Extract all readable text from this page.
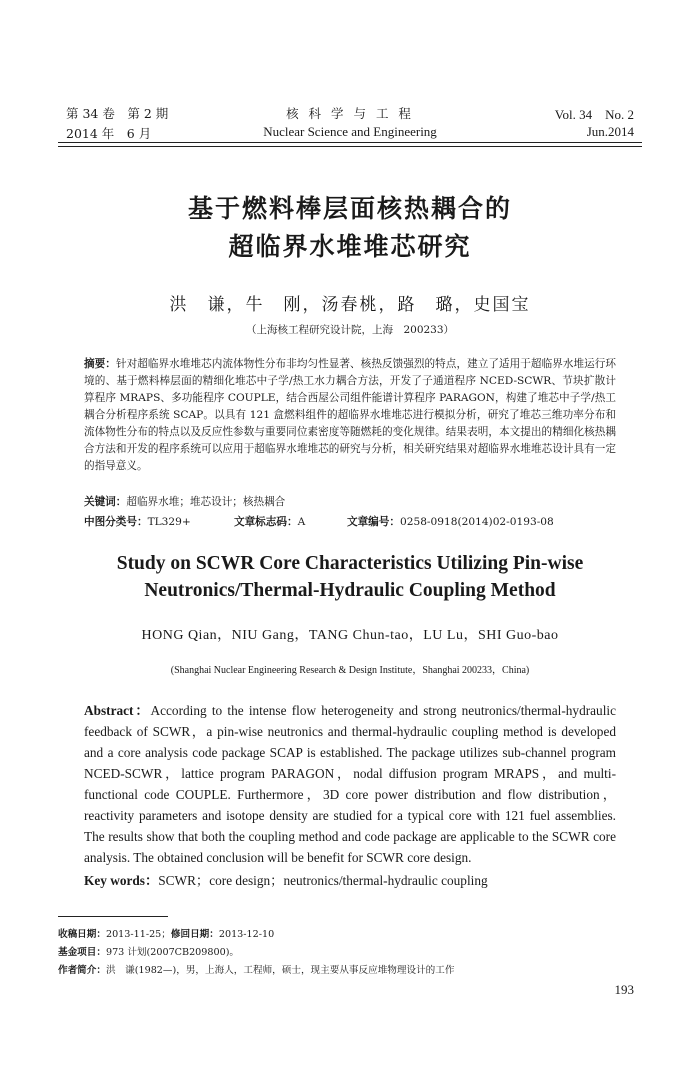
第 34 卷　第 2 期
2014 年　6 月
核 科 学 与 工 程
Nuclear Science and Engineering
Vol. 34　No. 2
Jun.2014
基于燃料棒层面核热耦合的
超临界水堆堆芯研究
洪　谦，牛　刚，汤春桃，路　璐，史国宝
（上海核工程研究设计院，上海　200233）
摘要：针对超临界水堆堆芯内流体物性分布非均匀性显著、核热反馈强烈的特点，建立了适用于超临界水堆运行环境的、基于燃料棒层面的精细化堆芯中子学/热工水力耦合方法，开发了子通道程序 NCED-SCWR、节块扩散计算程序 MRAPS、多功能程序 COUPLE，结合西屋公司组件能谱计算程序 PARAGON，构建了堆芯中子学/热工耦合分析程序系统 SCAP。以具有 121 盒燃料组件的超临界水堆堆芯进行模拟分析，研究了堆芯三维功率分布和流体物性分布的特点以及反应性参数与重要同位素密度等随燃耗的变化规律。结果表明，本文提出的精细化核热耦合方法和开发的程序系统可以应用于超临界水堆堆芯的研究与分析，相关研究结果对超临界水堆堆芯设计具有一定的指导意义。
关键词：超临界水堆；堆芯设计；核热耦合
中图分类号：TL329+	文章标志码：A	文章编号：0258-0918(2014)02-0193-08
Study on SCWR Core Characteristics Utilizing Pin-wise
Neutronics/Thermal-Hydraulic Coupling Method
HONG Qian，NIU Gang，TANG Chun-tao，LU Lu，SHI Guo-bao
(Shanghai Nuclear Engineering Research & Design Institute，Shanghai 200233，China)
Abstract：According to the intense flow heterogeneity and strong neutronics/thermal-hydraulic feedback of SCWR，a pin-wise neutronics and thermal-hydraulic coupling method is developed and a core analysis code package SCAP is established. The package utilizes sub-channel program NCED-SCWR，lattice program PARAGON，nodal diffusion program MRAPS，and multi-functional code COUPLE. Furthermore，3D core power distribution and flow distribution，reactivity parameters and isotope density are studied for a typical core with 121 fuel assemblies. The results show that both the coupling method and code package are applicable to the SCWR core analysis. The obtained conclusion will be benefit for SCWR core design.
Key words：SCWR；core design；neutronics/thermal-hydraulic coupling
收稿日期：2013-11-25；修回日期：2013-12-10
基金项目：973 计划(2007CB209800)。
作者简介：洪　谦(1982—)，男，上海人，工程师，硕士，现主要从事反应堆物理设计的工作
193
